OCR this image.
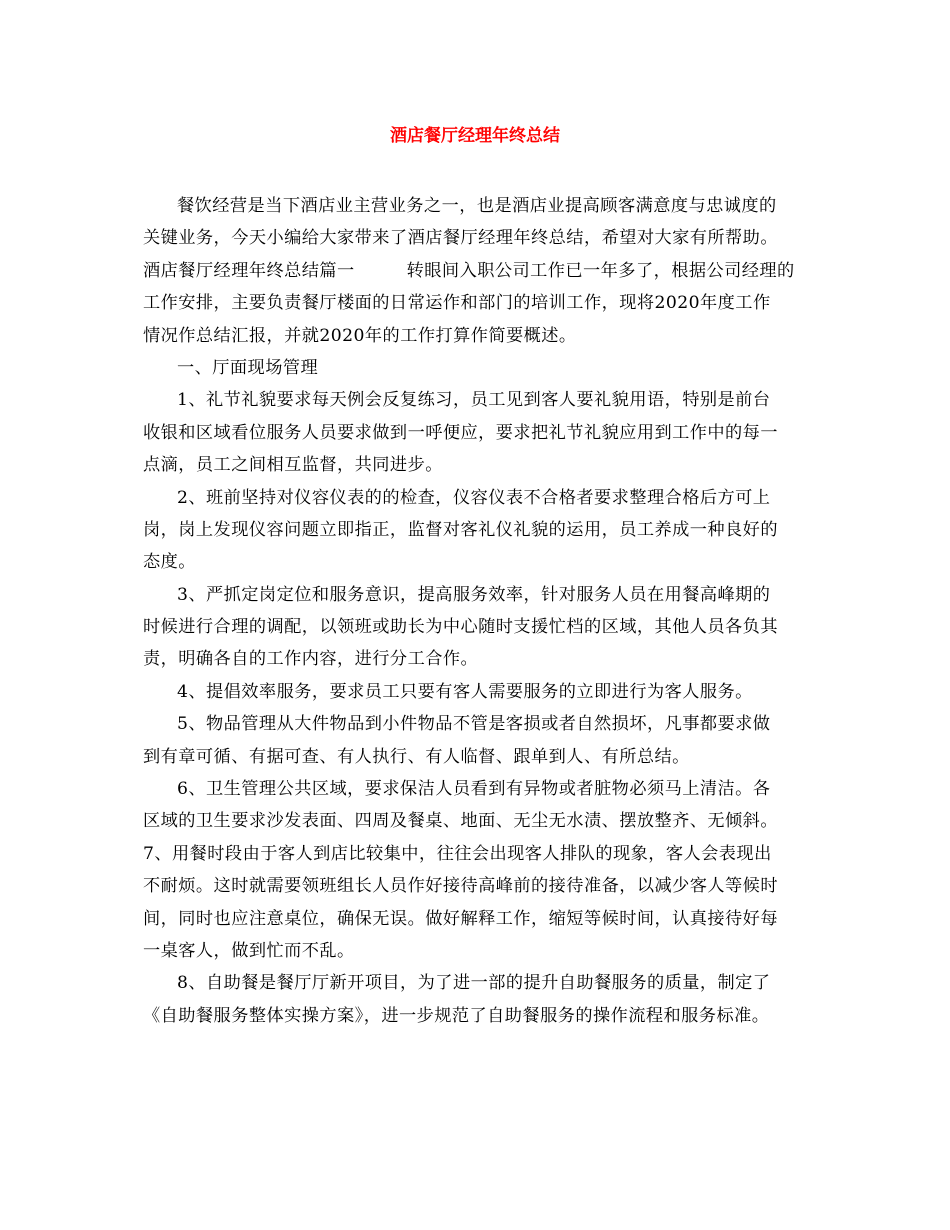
酒店餐厅经理年终总结
餐饮经营是当下酒店业主营业务之一，也是酒店业提高顾客满意度与忠诚度的
关键业务，今天小编给大家带来了酒店餐厅经理年终总结，希望对大家有所帮助。
酒店餐厅经理年终总结篇一	转眼间入职公司工作已一年多了，根据公司经理的
工作安排，主要负责餐厅楼面的日常运作和部门的培训工作，现将2020年度工作
情况作总结汇报，并就2020年的工作打算作简要概述。
一、厅面现场管理
1、礼节礼貌要求每天例会反复练习，员工见到客人要礼貌用语，特别是前台
收银和区域看位服务人员要求做到一呼便应，要求把礼节礼貌应用到工作中的每一
点滴，员工之间相互监督，共同进步。
2、班前坚持对仪容仪表的的检查，仪容仪表不合格者要求整理合格后方可上
岗，岗上发现仪容问题立即指正，监督对客礼仪礼貌的运用，员工养成一种良好的
态度。
3、严抓定岗定位和服务意识，提高服务效率，针对服务人员在用餐高峰期的
时候进行合理的调配，以领班或助长为中心随时支援忙档的区域，其他人员各负其
责，明确各自的工作内容，进行分工合作。
4、提倡效率服务，要求员工只要有客人需要服务的立即进行为客人服务。
5、物品管理从大件物品到小件物品不管是客损或者自然损坏，凡事都要求做
到有章可循、有据可查、有人执行、有人临督、跟单到人、有所总结。
6、卫生管理公共区域，要求保洁人员看到有异物或者脏物必须马上清洁。各
区域的卫生要求沙发表面、四周及餐桌、地面、无尘无水渍、摆放整齐、无倾斜。
7、用餐时段由于客人到店比较集中，往往会出现客人排队的现象，客人会表现出
不耐烦。这时就需要领班组长人员作好接待高峰前的接待准备，以减少客人等候时
间，同时也应注意桌位，确保无误。做好解释工作，缩短等候时间，认真接待好每
一桌客人，做到忙而不乱。
8、自助餐是餐厅厅新开项目，为了进一部的提升自助餐服务的质量，制定了
《自助餐服务整体实操方案》，进一步规范了自助餐服务的操作流程和服务标准。
